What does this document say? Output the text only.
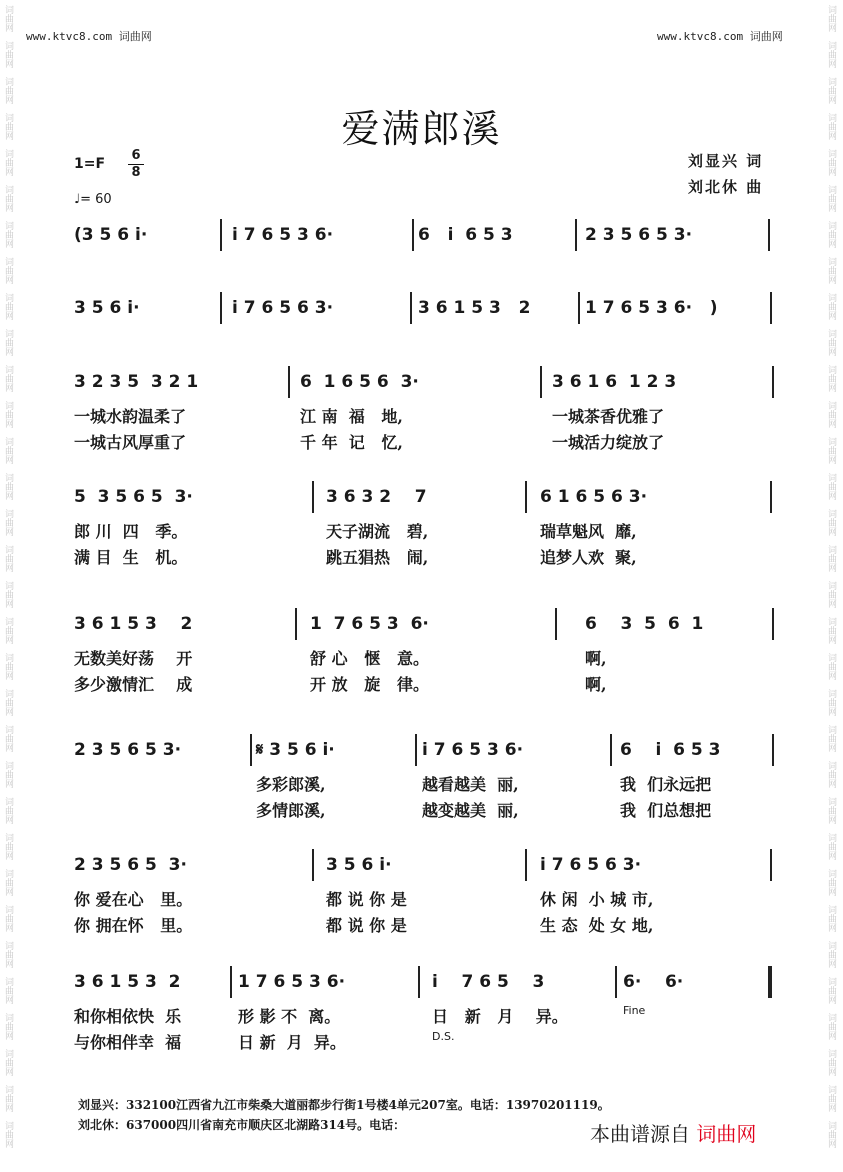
词曲网
词曲网
词曲网
词曲网
词曲网
词曲网
词曲网
词曲网
词曲网
词曲网
词曲网
词曲网
词曲网
词曲网
词曲网
词曲网
词曲网
词曲网
词曲网
词曲网
词曲网
词曲网
词曲网
词曲网
词曲网
词曲网
词曲网
词曲网
词曲网
词曲网
词曲网
词曲网
词曲网
词曲网
词曲网
词曲网
词曲网
词曲网
词曲网
词曲网
词曲网
词曲网
词曲网
词曲网
词曲网
词曲网
词曲网
词曲网
词曲网
词曲网
词曲网
词曲网
词曲网
词曲网
词曲网
词曲网
词曲网
词曲网
词曲网
词曲网
词曲网
词曲网
词曲网
词曲网
www.ktvc8.com 词曲网	www.ktvc8.com 词曲网
爱满郎溪
1=F
6
8
♩= 60
刘显兴 词
刘北休 曲
(3 5 6 i·	i 7 6 5 3 6·	6   i  6 5 3	2 3 5 6 5 3·
3 5 6 i·	i 7 6 5 6 3·	3 6 1 5 3   2	1 7 6 5 3 6·   )
3 2 3 5  3 2 1	6  1 6 5 6  3·	3 6 1 6  1 2 3
一城水韵温柔了	江 南  福   地,	一城茶香优雅了
一城古风厚重了	千 年  记   忆,	一城活力绽放了
5  3 5 6 5  3·	3 6 3 2    7	6 1 6 5 6 3·
郎 川  四   季。	天子湖流   碧,	瑞草魁风  靡,
满 目  生   机。	跳五猖热   闹,	追梦人欢  聚,
3 6 1 5 3    2	1  7 6 5 3  6·	6    3  5  6  1
无数美好荡    开	舒 心   惬   意。	啊,
多少激情汇    成	开 放   旋   律。	啊,
2 3 5 6 5 3·	𝄋 3 5 6 i·	i 7 6 5 3 6·	6    i  6 5 3
多彩郎溪,	越看越美  丽,	我  们永远把
多情郎溪,	越变越美  丽,	我  们总想把
2 3 5 6 5  3·	3 5 6 i·	i 7 6 5 6 3·
你 爱在心   里。	都 说 你 是	休 闲  小 城 市,
你 拥在怀   里。	都 说 你 是	生 态  处 女 地,
3 6 1 5 3  2	1 7 6 5 3 6·	i    7 6 5    3	6·    6·
和你相依快  乐	形 影 不  离。	日   新   月    异。	Fine
与你相伴幸  福	日 新  月  异。	D.S.
刘显兴：332100江西省九江市柴桑大道丽都步行街1号楼4单元207室。电话：13970201119。
刘北休：637000四川省南充市顺庆区北湖路314号。电话：	本曲谱源自 词曲网
